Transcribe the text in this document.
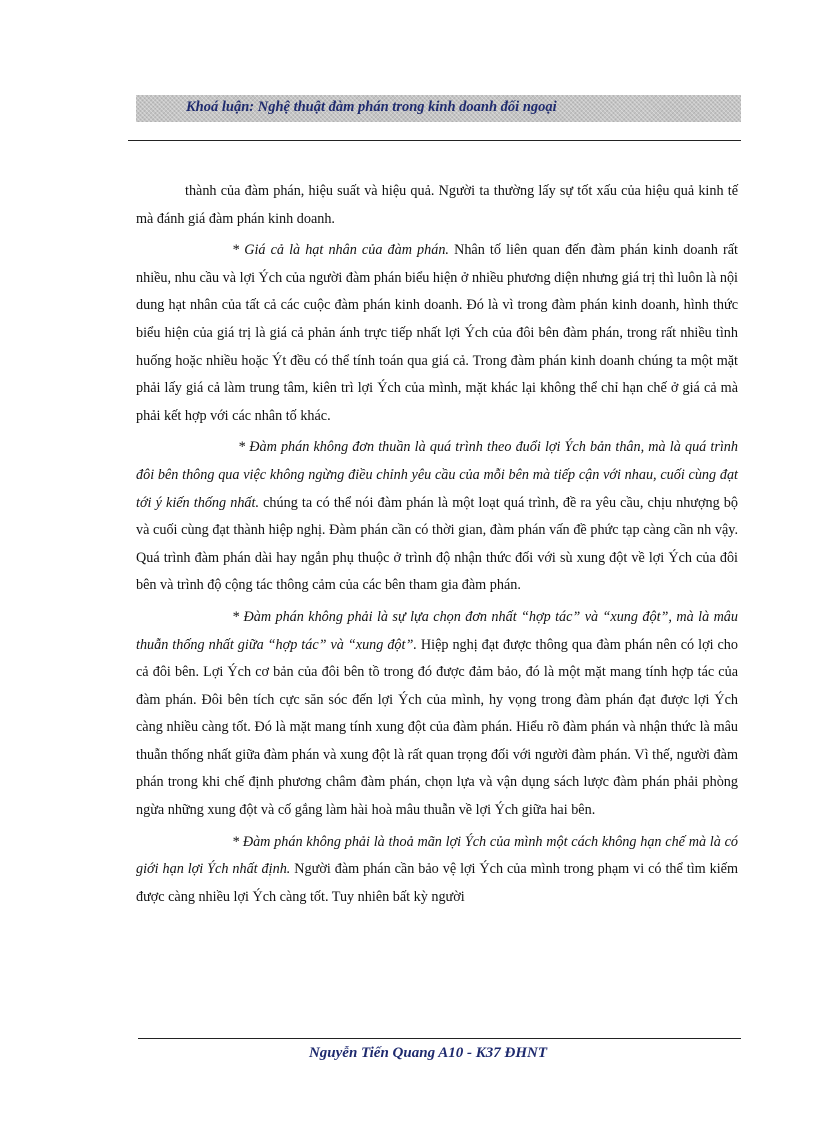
Khoá luận: Nghệ thuật đàm phán trong kinh doanh đối ngoại

thành của đàm phán, hiệu suất và hiệu quả. Người ta thường lấy sự tốt xấu của hiệu quả kinh tế mà đánh giá đàm phán kinh doanh.

* Giá cả là hạt nhân của đàm phán. Nhân tố liên quan đến đàm phán kinh doanh rất nhiều, nhu cầu và lợi Ých của người đàm phán biểu hiện ở nhiều phương diện nhưng giá trị thì luôn là nội dung hạt nhân của tất cả các cuộc đàm phán kinh doanh. Đó là vì trong đàm phán kinh doanh, hình thức biểu hiện của giá trị là giá cả phản ánh trực tiếp nhất lợi Ých của đôi bên đàm phán, trong rất nhiều tình huống hoặc nhiều hoặc Ýt đều có thể tính toán qua giá cả. Trong đàm phán kinh doanh chúng ta một mặt phải lấy giá cả làm trung tâm, kiên trì lợi Ých của mình, mặt khác lại không thể chỉ hạn chế ở giá cả mà phải kết hợp với các nhân tố khác.

* Đàm phán không đơn thuần là quá trình theo đuổi lợi Ých bản thân, mà là quá trình đôi bên thông qua việc không ngừng điều chỉnh yêu cầu của mỗi bên mà tiếp cận với nhau, cuối cùng đạt tới ý kiến thống nhất. chúng ta có thể nói đàm phán là một loạt quá trình, đề ra yêu cầu, chịu nhượng bộ và cuối cùng đạt thành hiệp nghị. Đàm phán cần có thời gian, đàm phán vấn đề phức tạp càng cần nh vậy. Quá trình đàm phán dài hay ngắn phụ thuộc ở trình độ nhận thức đối với sù xung đột về lợi Ých của đôi bên và trình độ cộng tác thông cảm của các bên tham gia đàm phán.

* Đàm phán không phải là sự lựa chọn đơn nhất “hợp tác” và “xung đột”, mà là mâu thuẫn thống nhất giữa “hợp tác” và “xung đột”. Hiệp nghị đạt được thông qua đàm phán nên có lợi cho cả đôi bên. Lợi Ých cơ bản của đôi bên tồ trong đó được đảm bảo, đó là một mặt mang tính hợp tác của đàm phán. Đôi bên tích cực săn sóc đến lợi Ých của mình, hy vọng trong đàm phán đạt được lợi Ých càng nhiều càng tốt. Đó là mặt mang tính xung đột của đàm phán. Hiểu rõ đàm phán và nhận thức là mâu thuẫn thống nhất giữa đàm phán và xung đột là rất quan trọng đối với người đàm phán. Vì thế, người đàm phán trong khi chế định phương châm đàm phán, chọn lựa và vận dụng sách lược đàm phán phải phòng ngừa những xung đột và cố gắng làm hài hoà mâu thuẫn về lợi Ých giữa hai bên.

* Đàm phán không phải là thoả mãn lợi Ých của mình một cách không hạn chế mà là có giới hạn lợi Ých nhất định. Người đàm phán cần bảo vệ lợi Ých của mình trong phạm vi có thể tìm kiếm được càng nhiều lợi Ých càng tốt. Tuy nhiên bất kỳ người

Nguyễn Tiến Quang A10 - K37 ĐHNT
